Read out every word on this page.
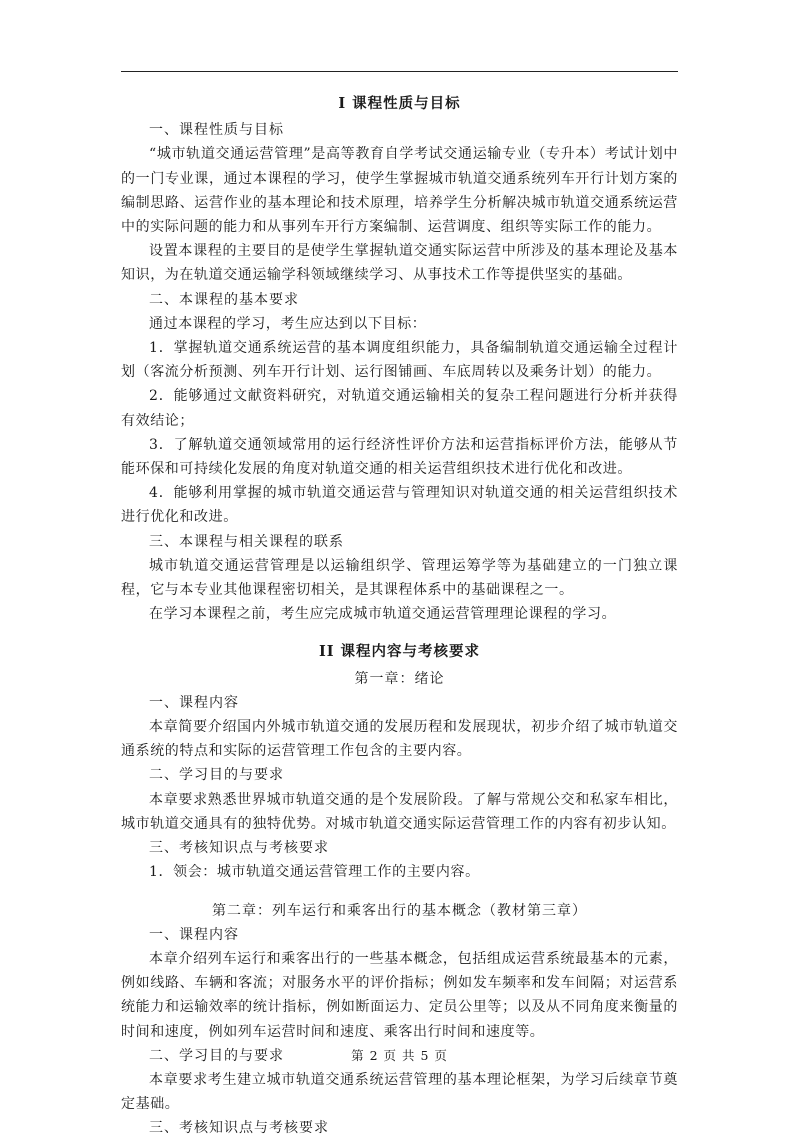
I 课程性质与目标
一、课程性质与目标
“城市轨道交通运营管理”是高等教育自学考试交通运输专业（专升本）考试计划中的一门专业课，通过本课程的学习，使学生掌握城市轨道交通系统列车开行计划方案的编制思路、运营作业的基本理论和技术原理，培养学生分析解决城市轨道交通系统运营中的实际问题的能力和从事列车开行方案编制、运营调度、组织等实际工作的能力。
设置本课程的主要目的是使学生掌握轨道交通实际运营中所涉及的基本理论及基本知识，为在轨道交通运输学科领域继续学习、从事技术工作等提供坚实的基础。
二、本课程的基本要求
通过本课程的学习，考生应达到以下目标：
1．掌握轨道交通系统运营的基本调度组织能力，具备编制轨道交通运输全过程计划（客流分析预测、列车开行计划、运行图铺画、车底周转以及乘务计划）的能力。
2．能够通过文献资料研究，对轨道交通运输相关的复杂工程问题进行分析并获得有效结论；
3．了解轨道交通领域常用的运行经济性评价方法和运营指标评价方法，能够从节能环保和可持续化发展的角度对轨道交通的相关运营组织技术进行优化和改进。
4．能够利用掌握的城市轨道交通运营与管理知识对轨道交通的相关运营组织技术进行优化和改进。
三、本课程与相关课程的联系
城市轨道交通运营管理是以运输组织学、管理运筹学等为基础建立的一门独立课程，它与本专业其他课程密切相关，是其课程体系中的基础课程之一。
在学习本课程之前，考生应完成城市轨道交通运营管理理论课程的学习。
II 课程内容与考核要求
第一章：绪论
一、课程内容
本章简要介绍国内外城市轨道交通的发展历程和发展现状，初步介绍了城市轨道交通系统的特点和实际的运营管理工作包含的主要内容。
二、学习目的与要求
本章要求熟悉世界城市轨道交通的是个发展阶段。了解与常规公交和私家车相比，城市轨道交通具有的独特优势。对城市轨道交通实际运营管理工作的内容有初步认知。
三、考核知识点与考核要求
1．领会：城市轨道交通运营管理工作的主要内容。
第二章：列车运行和乘客出行的基本概念（教材第三章）
一、课程内容
本章介绍列车运行和乘客出行的一些基本概念，包括组成运营系统最基本的元素，例如线路、车辆和客流；对服务水平的评价指标；例如发车频率和发车间隔；对运营系统能力和运输效率的统计指标，例如断面运力、定员公里等；以及从不同角度来衡量的时间和速度，例如列车运营时间和速度、乘客出行时间和速度等。
二、学习目的与要求
本章要求考生建立城市轨道交通系统运营管理的基本理论框架，为学习后续章节奠定基础。
三、考核知识点与考核要求
第 2 页 共 5 页
